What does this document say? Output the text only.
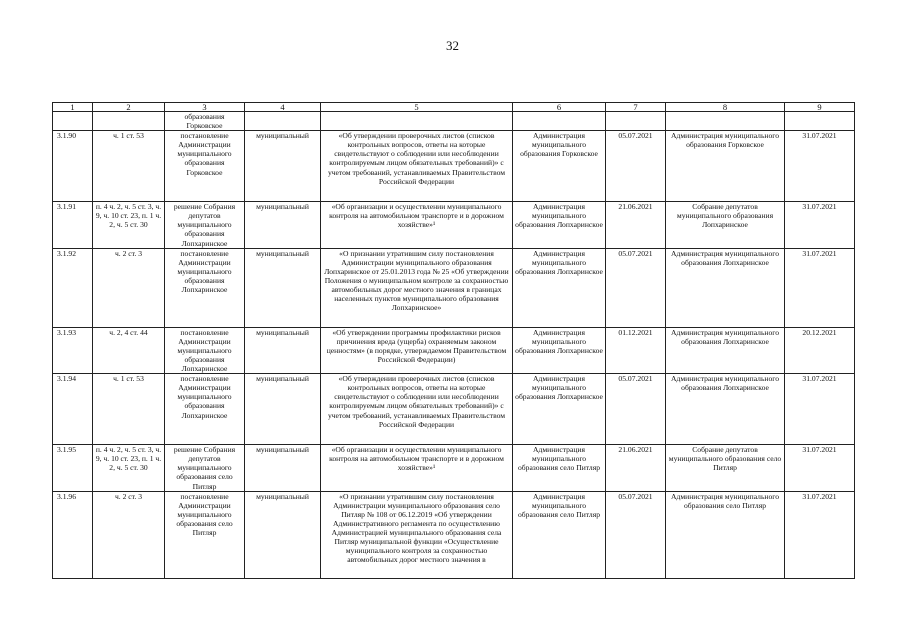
32
1	2	3	4	5	6	7	8	9
		образования Горковское						
3.1.90	ч. 1 ст. 53	постановление Администрации муниципального образования Горковское	муниципальный	«Об утверждении проверочных листов (списков контрольных вопросов, ответы на которые свидетельствуют о соблюдении или несоблюдении контролируемым лицом обязательных требований)» с учетом требований, устанавливаемых Правительством Российской Федерации	Администрация муниципального образования Горковское	05.07.2021	Администрация муниципального образования Горковское	31.07.2021
3.1.91	п. 4 ч. 2, ч. 5 ст. 3, ч. 9, ч. 10 ст. 23, п. 1 ч. 2, ч. 5 ст. 30	решение Собрания депутатов муниципального образования Лопхаринское	муниципальный	«Об организации и осуществлении муниципального контроля на автомобильном транспорте и в дорожном хозяйстве»¹	Администрация муниципального образования Лопхаринское	21.06.2021	Собрание депутатов муниципального образования Лопхаринское	31.07.2021
3.1.92	ч. 2 ст. 3	постановление Администрации муниципального образования Лопхаринское	муниципальный	«О признании утратившим силу постановления Администрации муниципального образования Лопхаринское от 25.01.2013 года № 25 «Об утверждении Положения о муниципальном контроле за сохранностью автомобильных дорог местного значения в границах населенных пунктов муниципального образования Лопхаринское»	Администрация муниципального образования Лопхаринское	05.07.2021	Администрация муниципального образования Лопхаринское	31.07.2021
3.1.93	ч. 2, 4 ст. 44	постановление Администрации муниципального образования Лопхаринское	муниципальный	«Об утверждении программы профилактики рисков причинения вреда (ущерба) охраняемым законом ценностям» (в порядке, утверждаемом Правительством Российской Федерации)	Администрация муниципального образования Лопхаринское	01.12.2021	Администрация муниципального образования Лопхаринское	20.12.2021
3.1.94	ч. 1 ст. 53	постановление Администрации муниципального образования Лопхаринское	муниципальный	«Об утверждении проверочных листов (списков контрольных вопросов, ответы на которые свидетельствуют о соблюдении или несоблюдении контролируемым лицом обязательных требований)» с учетом требований, устанавливаемых Правительством Российской Федерации	Администрация муниципального образования Лопхаринское	05.07.2021	Администрация муниципального образования Лопхаринское	31.07.2021
3.1.95	п. 4 ч. 2, ч. 5 ст. 3, ч. 9, ч. 10 ст. 23, п. 1 ч. 2, ч. 5 ст. 30	решение Собрания депутатов муниципального образования село Питляр	муниципальный	«Об организации и осуществлении муниципального контроля на автомобильном транспорте и в дорожном хозяйстве»¹	Администрация муниципального образования село Питляр	21.06.2021	Собрание депутатов муниципального образования село Питляр	31.07.2021
3.1.96	ч. 2 ст. 3	постановление Администрации муниципального образования село Питляр	муниципальный	«О признании утратившим силу постановления Администрации муниципального образования село Питляр № 108 от 06.12.2019 «Об утверждении Административного регламента по осуществлению Администрацией муниципального образования села Питляр муниципальной функции «Осуществление муниципального контроля за сохранностью автомобильных дорог местного значения в	Администрация муниципального образования село Питляр	05.07.2021	Администрация муниципального образования село Питляр	31.07.2021
